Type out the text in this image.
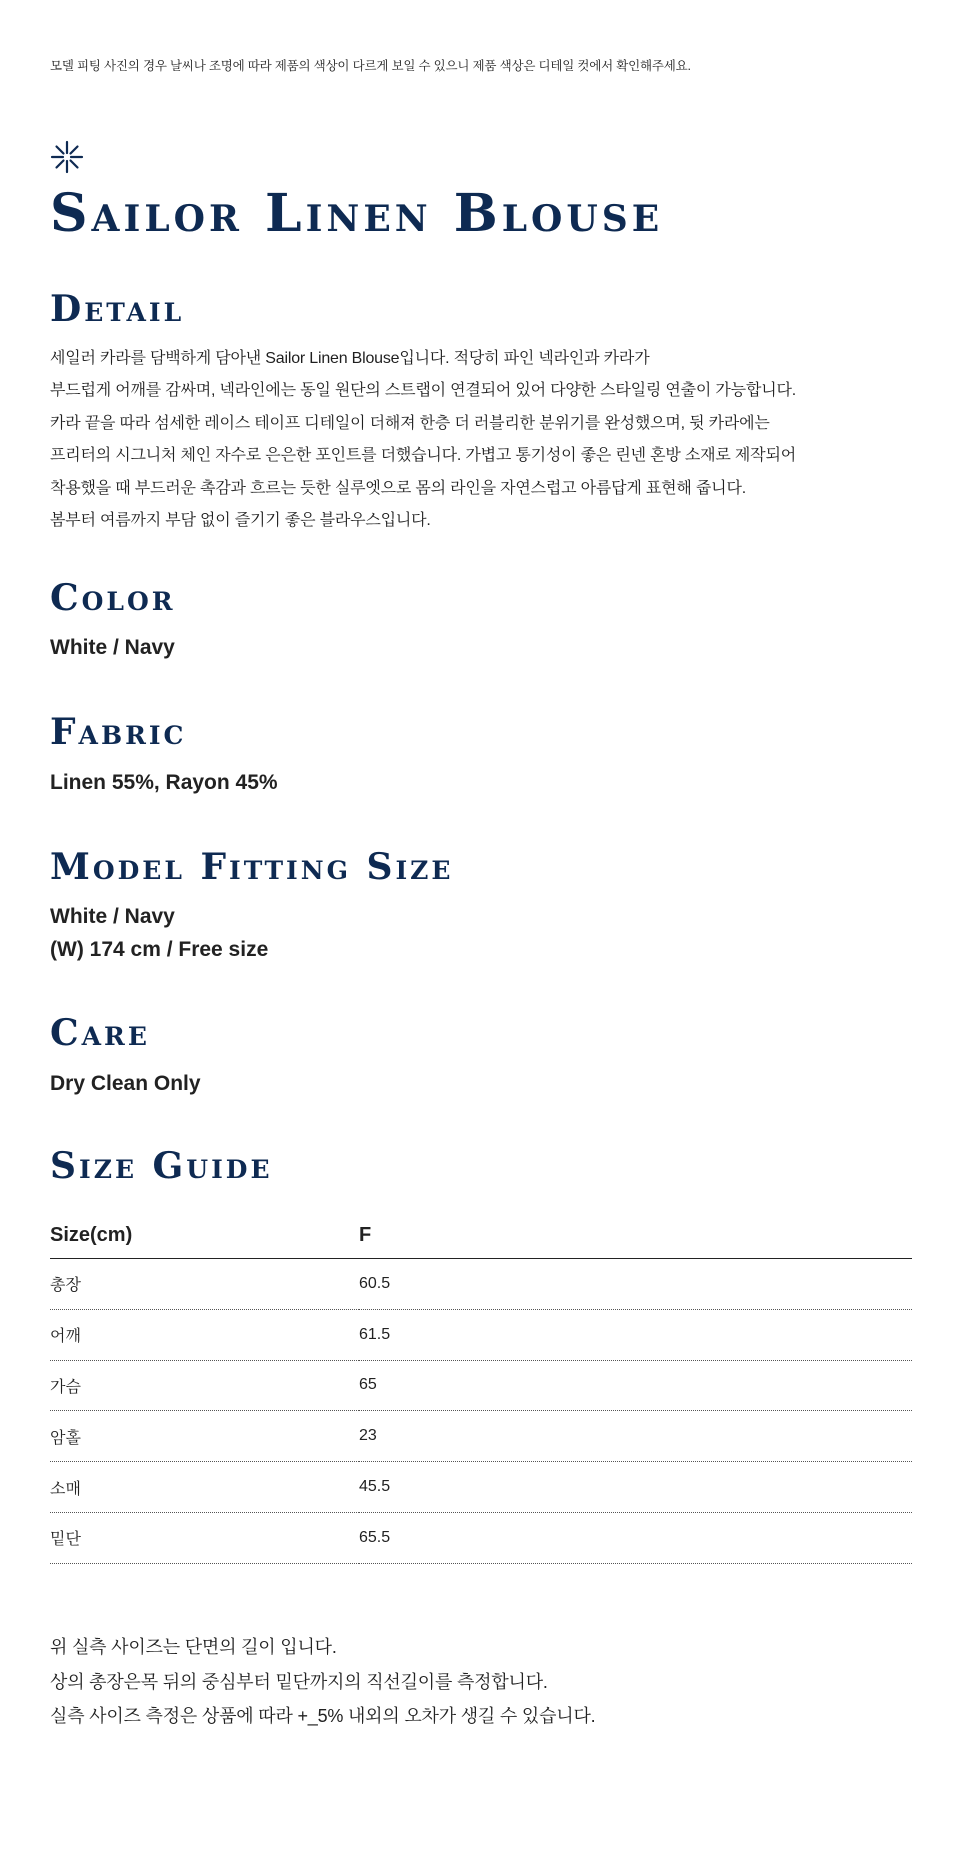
모델 피팅 사진의 경우 날씨나 조명에 따라 제품의 색상이 다르게 보일 수 있으니 제품 색상은 디테일 컷에서 확인해주세요.
Sailor Linen Blouse
Detail
세일러 카라를 담백하게 담아낸 Sailor Linen Blouse입니다. 적당히 파인 넥라인과 카라가
부드럽게 어깨를 감싸며, 넥라인에는 동일 원단의 스트랩이 연결되어 있어 다양한 스타일링 연출이 가능합니다.
카라 끝을 따라 섬세한 레이스 테이프 디테일이 더해져 한층 더 러블리한 분위기를 완성했으며, 뒷 카라에는
프리터의 시그니처 체인 자수로 은은한 포인트를 더했습니다. 가볍고 통기성이 좋은 린넨 혼방 소재로 제작되어
착용했을 때 부드러운 촉감과 흐르는 듯한 실루엣으로 몸의 라인을 자연스럽고 아름답게 표현해 줍니다.
봄부터 여름까지 부담 없이 즐기기 좋은 블라우스입니다.
Color
White / Navy
Fabric
Linen 55%, Rayon 45%
Model Fitting Size
White / Navy
(W) 174 cm / Free size
Care
Dry Clean Only
Size Guide
Size(cm)	F
총장	60.5
어깨	61.5
가슴	65
암홀	23
소매	45.5
밑단	65.5
위 실측 사이즈는 단면의 길이 입니다.
상의 총장은목 뒤의 중심부터 밑단까지의 직선길이를 측정합니다.
실측 사이즈 측정은 상품에 따라 +_5% 내외의 오차가 생길 수 있습니다.
